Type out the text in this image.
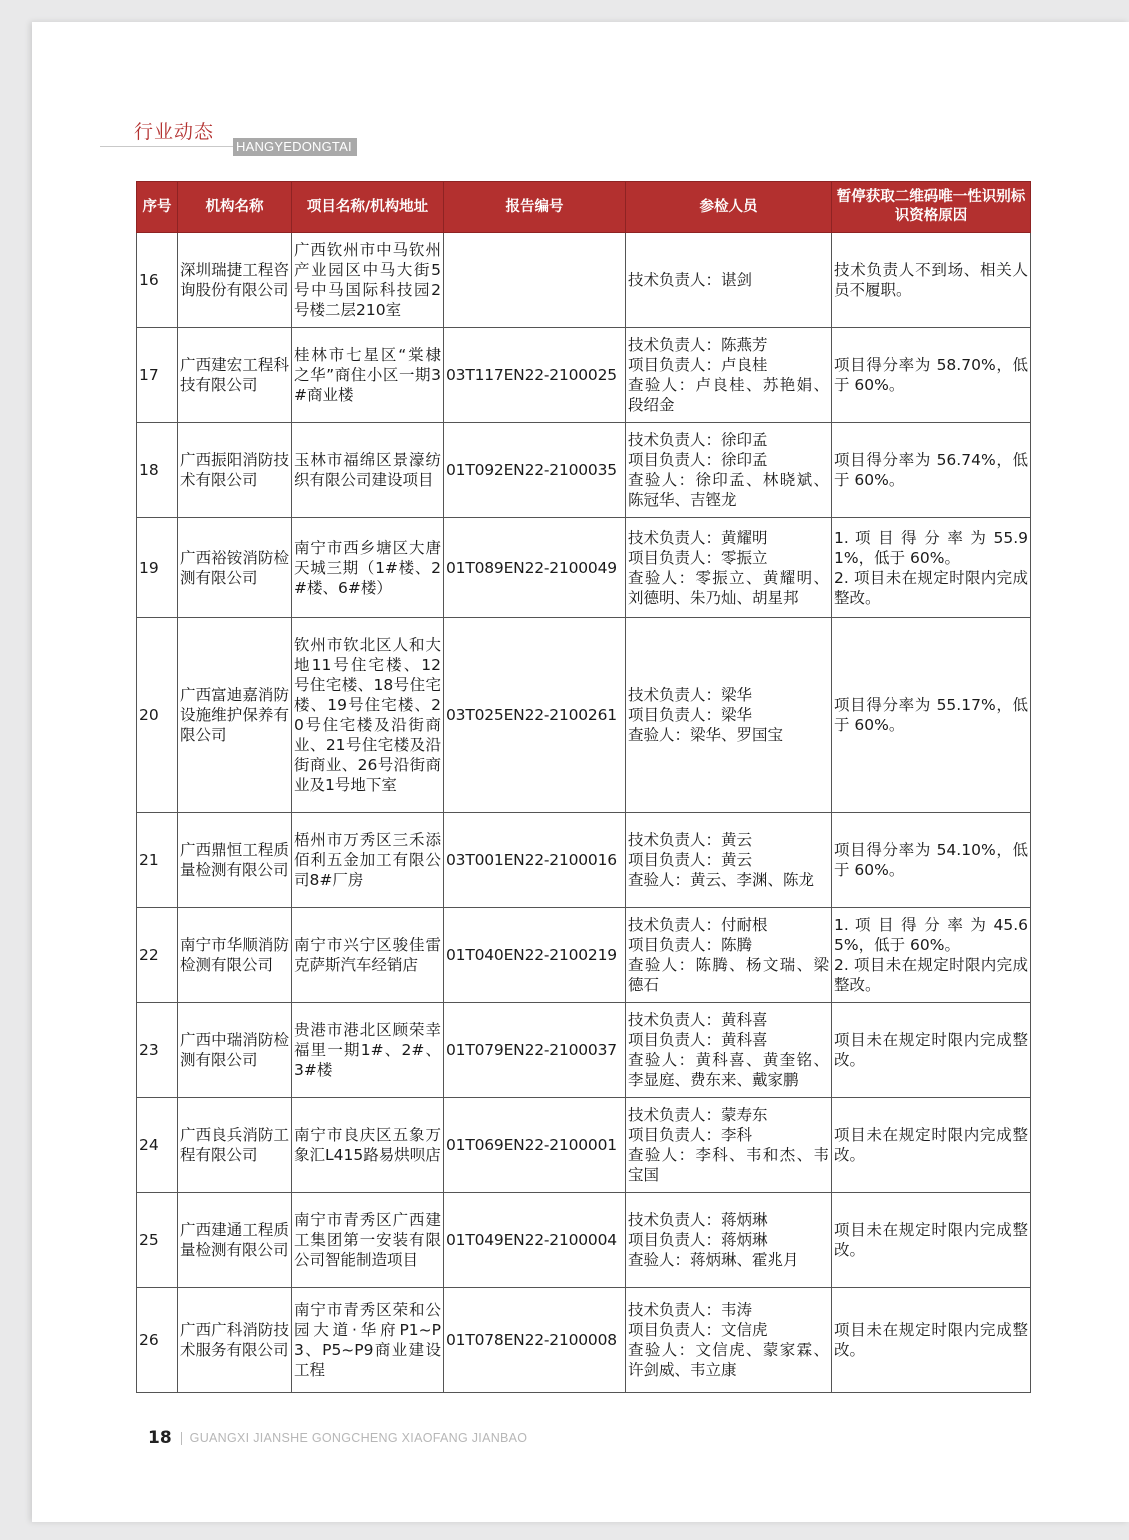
行业动态
HANGYEDONGTAI
序号	机构名称	项目名称/机构地址	报告编号	参检人员	暂停获取二维码唯一性识别标识资格原因
16	深圳瑞捷工程咨询股份有限公司	广西钦州市中马钦州产业园区中马大街5号中马国际科技园2号楼二层210室		技术负责人：谌剑	技术负责人不到场、相关人员不履职。

17	广西建宏工程科技有限公司	桂林市七星区“棠棣之华”商住小区一期3#商业楼	03T117EN22-2100025	技术负责人：陈燕芳
项目负责人：卢良桂
查验人：卢良桂、苏艳娟、段绍金	项目得分率为 58.70%，低于 60%。

18	广西振阳消防技术有限公司	玉林市福绵区景濠纺织有限公司建设项目	01T092EN22-2100035	技术负责人：徐印孟
项目负责人：徐印孟
查验人：徐印孟、林晓斌、陈冠华、吉铿龙	项目得分率为 56.74%，低于 60%。

19	广西裕铵消防检测有限公司	南宁市西乡塘区大唐天城三期（1#楼、2#楼、6#楼）	01T089EN22-2100049	技术负责人：黄耀明
项目负责人：零振立
查验人：零振立、黄耀明、刘德明、朱乃灿、胡星邦	1. 项 目 得 分 率 为 55.91%，低于 60%。
2. 项目未在规定时限内完成整改。

20	广西富迪嘉消防设施维护保养有限公司	钦州市钦北区人和大地11号住宅楼、12号住宅楼、18号住宅楼、19号住宅楼、20号住宅楼及沿街商业、21号住宅楼及沿街商业、26号沿街商业及1号地下室	03T025EN22-2100261	技术负责人：梁华
项目负责人：梁华
查验人：梁华、罗国宝	项目得分率为 55.17%，低于 60%。

21	广西鼎恒工程质量检测有限公司	梧州市万秀区三禾添佰利五金加工有限公司8#厂房	03T001EN22-2100016	技术负责人：黄云
项目负责人：黄云
查验人：黄云、李渊、陈龙	项目得分率为 54.10%，低于 60%。

22	南宁市华顺消防检测有限公司	南宁市兴宁区骏佳雷克萨斯汽车经销店	01T040EN22-2100219	技术负责人：付耐根
项目负责人：陈腾
查验人：陈腾、杨文瑞、梁德石	1. 项 目 得 分 率 为 45.65%，低于 60%。
2. 项目未在规定时限内完成整改。

23	广西中瑞消防检测有限公司	贵港市港北区顾荣幸福里一期1#、2#、3#楼	01T079EN22-2100037	技术负责人：黄科喜
项目负责人：黄科喜
查验人：黄科喜、黄奎铭、李显庭、费东来、戴家鹏	项目未在规定时限内完成整改。

24	广西良兵消防工程有限公司	南宁市良庆区五象万象汇L415路易烘呗店	01T069EN22-2100001	技术负责人：蒙寿东
项目负责人：李科
查验人：李科、韦和杰、韦宝国	项目未在规定时限内完成整改。

25	广西建通工程质量检测有限公司	南宁市青秀区广西建工集团第一安装有限公司智能制造项目	01T049EN22-2100004	技术负责人：蒋炳琳
项目负责人：蒋炳琳
查验人：蒋炳琳、霍兆月	项目未在规定时限内完成整改。

26	广西广科消防技术服务有限公司	南宁市青秀区荣和公园大道·华府P1~P3、P5~P9商业建设工程	01T078EN22-2100008	技术负责人：韦涛
项目负责人：文信虎
查验人：文信虎、蒙家霖、许剑威、韦立康	项目未在规定时限内完成整改。
18 GUANGXI JIANSHE GONGCHENG XIAOFANG JIANBAO
